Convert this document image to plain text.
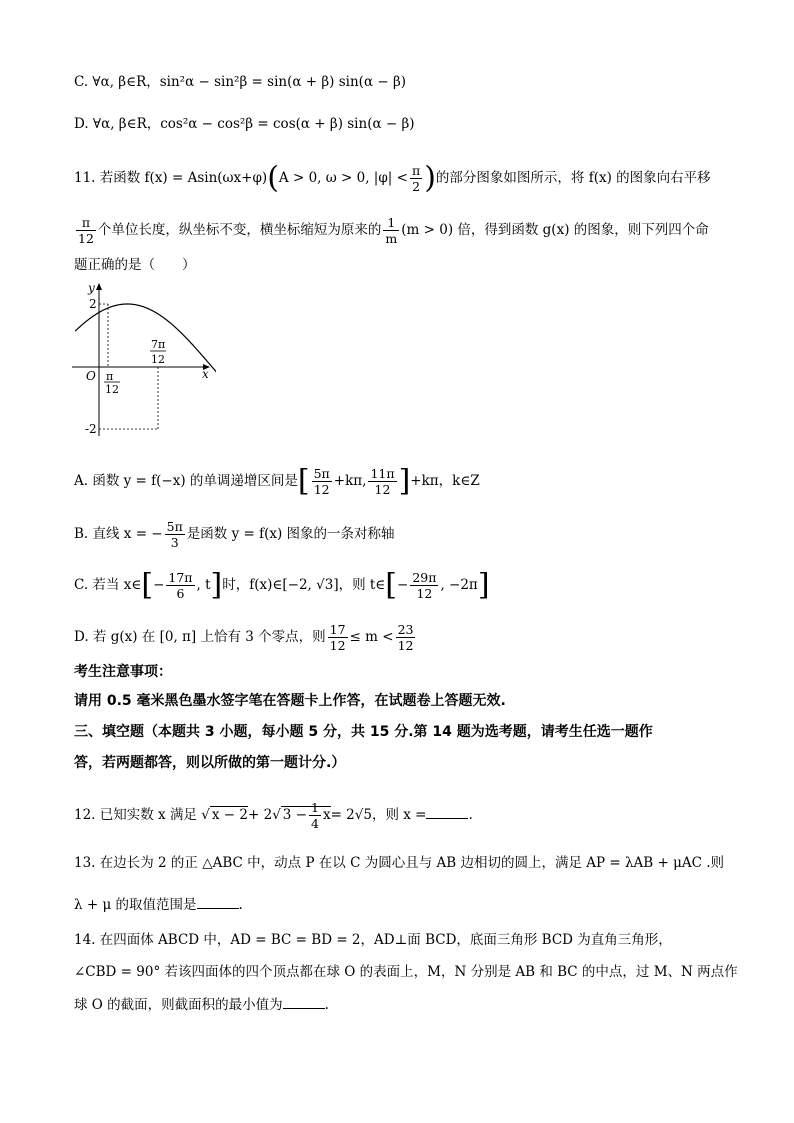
C. ∀α, β∈R，sin²α − sin²β = sin(α + β) sin(α − β)
D. ∀α, β∈R，cos²α − cos²β = cos(α + β) sin(α − β)
11. 若函数 f(x) = Asin(ωx+φ)(A > 0, ω > 0, $|\varphi| < \frac{\pi}{2}$ )的部分图象如图所示，将 f(x) 的图象向右平移
$\frac{\pi}{12}$ 个单位长度，纵坐标不变，横坐标缩短为原来的 $\frac{1}{m} (m > 0)$ 倍，得到函数 g(x) 的图象，则下列四个命
题正确的是（　　）
y
x
O
2
-2
π
12
7π
12
A. 函数 y = f(−x) 的单调递增区间是[ $\frac{5\pi}{12} +k\pi$, $\frac{11\pi}{12} ]+k\pi$，k∈Z
B. 直线 x = − $\frac{5\pi}{3}$ 是函数 y = f(x) 图象的一条对称轴
C. 若当 x∈[− $\frac{17\pi}{6}$ , t]时，f(x)∈[−2, √3]，则 t∈[− $\frac{29\pi}{12}$ , −2π]
D. 若 g(x) 在 [0, π] 上恰有 3 个零点，则 $\frac{17}{12} \le m < \frac{23}{12}$
考生注意事项：
请用 0.5 毫米黑色墨水签字笔在答题卡上作答，在试题卷上答题无效.
三、填空题（本题共 3 小题，每小题 5 分，共 15 分.第 14 题为选考题，请考生任选一题作
答，若两题都答，则以所做的第一题计分.）
12. 已知实数 x 满足 √ x − 2+ 2√ $3 - \frac{1}{4} x= 2√5$，则 x =	.
13. 在边长为 2 的正 △ABC 中，动点 P 在以 C 为圆心且与 AB 边相切的圆上，满足 AP = λAB + μAC .则
λ + μ 的取值范围是	.
14. 在四面体 ABCD 中，AD = BC = BD = 2，AD⊥面 BCD，底面三角形 BCD 为直角三角形，
∠CBD = 90° 若该四面体的四个顶点都在球 O 的表面上，M，N 分别是 AB 和 BC 的中点，过 M、N 两点作
球 O 的截面，则截面积的最小值为	.
